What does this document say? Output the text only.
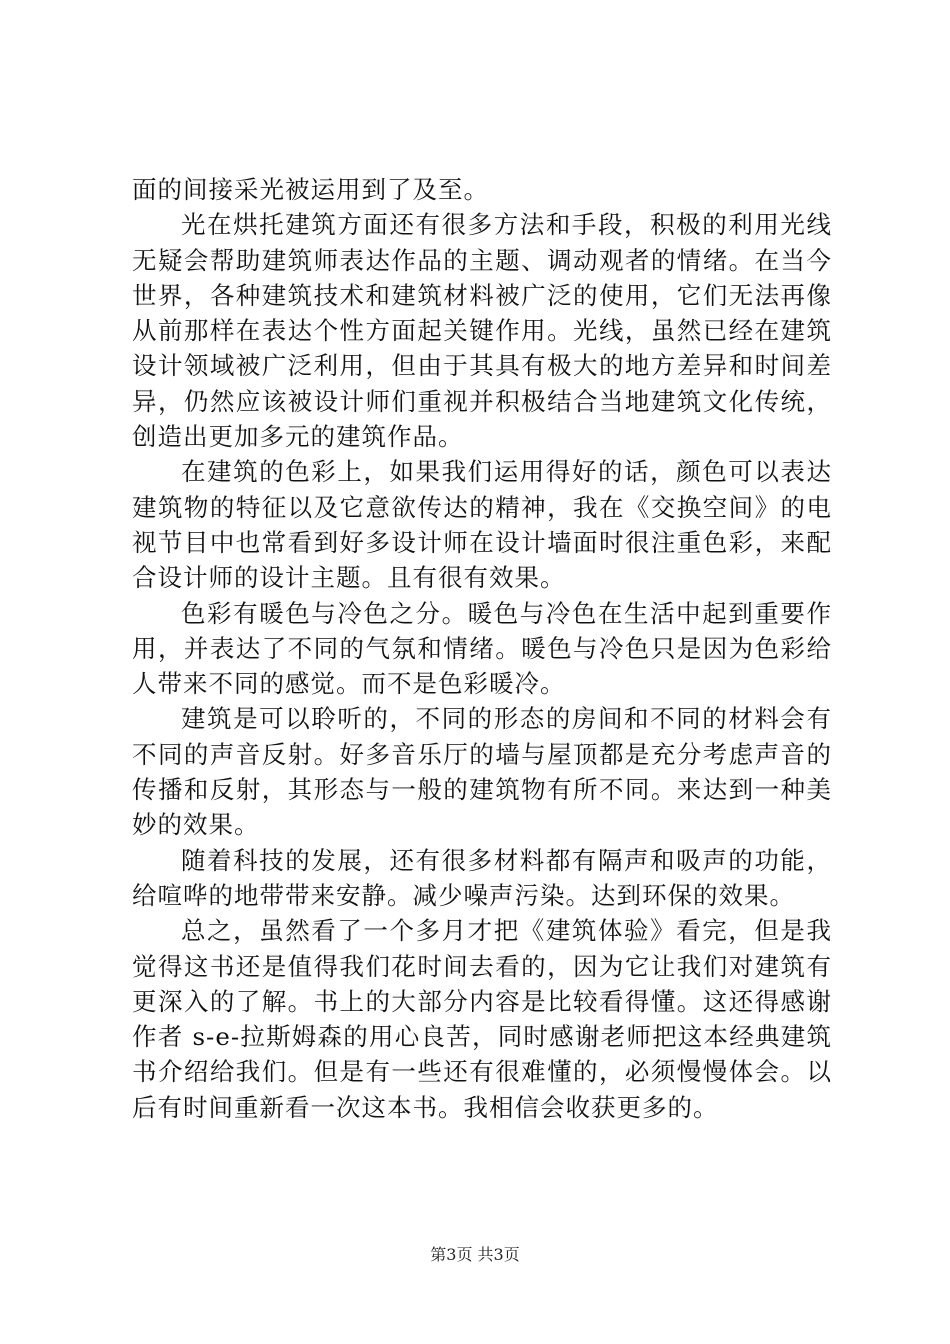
面的间接采光被运用到了及至。

光在烘托建筑方面还有很多方法和手段，积极的利用光线无疑会帮助建筑师表达作品的主题、调动观者的情绪。在当今世界，各种建筑技术和建筑材料被广泛的使用，它们无法再像从前那样在表达个性方面起关键作用。光线，虽然已经在建筑设计领域被广泛利用，但由于其具有极大的地方差异和时间差异，仍然应该被设计师们重视并积极结合当地建筑文化传统，创造出更加多元的建筑作品。

在建筑的色彩上，如果我们运用得好的话，颜色可以表达建筑物的特征以及它意欲传达的精神，我在《交换空间》的电视节目中也常看到好多设计师在设计墙面时很注重色彩，来配合设计师的设计主题。且有很有效果。

色彩有暖色与冷色之分。暖色与冷色在生活中起到重要作用，并表达了不同的气氛和情绪。暖色与冷色只是因为色彩给人带来不同的感觉。而不是色彩暖冷。

建筑是可以聆听的，不同的形态的房间和不同的材料会有不同的声音反射。好多音乐厅的墙与屋顶都是充分考虑声音的传播和反射，其形态与一般的建筑物有所不同。来达到一种美妙的效果。

随着科技的发展，还有很多材料都有隔声和吸声的功能，给喧哗的地带带来安静。减少噪声污染。达到环保的效果。

总之，虽然看了一个多月才把《建筑体验》看完，但是我觉得这书还是值得我们花时间去看的，因为它让我们对建筑有更深入的了解。书上的大部分内容是比较看得懂。这还得感谢作者 s-e-拉斯姆森的用心良苦，同时感谢老师把这本经典建筑书介绍给我们。但是有一些还有很难懂的，必须慢慢体会。以后有时间重新看一次这本书。我相信会收获更多的。

第3页 共3页
